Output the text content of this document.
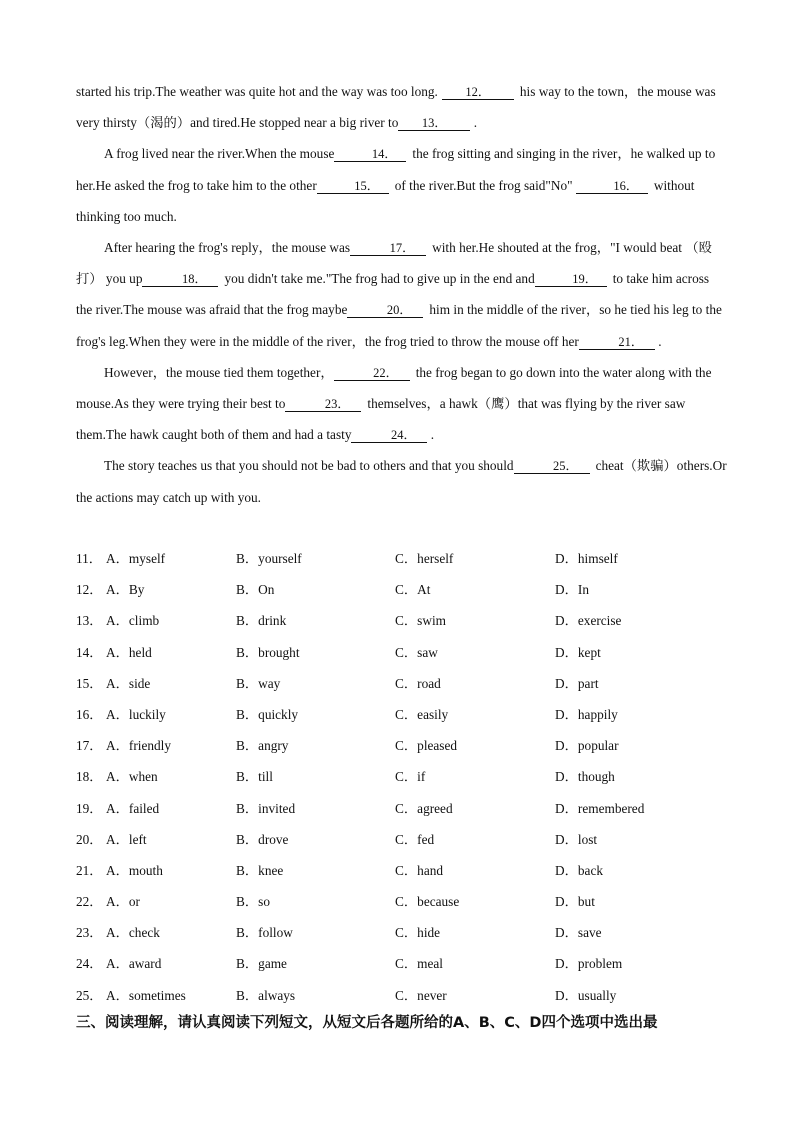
started his trip.The weather was quite hot and the way was too long. 12． his way to the town，the mouse was very thirsty（渴的）and tired.He stopped near a big river to 13． .

A frog lived near the river.When the mouse	14． the frog sitting and singing in the river，he walked up to her.He asked the frog to take him to the other	15． of the river.But the frog said"No"	16． without thinking too much.

After hearing the frog's reply，the mouse was	17． with her.He shouted at the frog，"I would beat （殴打） you up	18． you didn't take me."The frog had to give up in the end and	19． to take him across the river.The mouse was afraid that the frog maybe	20． him in the middle of the river，so he tied his leg to the frog's leg.When they were in the middle of the river，the frog tried to throw the mouse off her	21． .

However，the mouse tied them together，	22． the frog began to go down into the water along with the mouse.As they were trying their best to	23． themselves，a hawk（鹰）that was flying by the river saw them.The hawk caught both of them and had a tasty	24． .

The story teaches us that you should not be bad to others and that you should	25． cheat（欺骗）others.Or the actions may catch up with you.

11． A．myself	B．yourself	C．herself	D．himself
12． A．By	B．On	C．At	D．In
13． A．climb	B．drink	C．swim	D．exercise
14． A．held	B．brought	C．saw	D．kept
15． A．side	B．way	C．road	D．part
16． A．luckily	B．quickly	C．easily	D．happily
17． A．friendly	B．angry	C．pleased	D．popular
18． A．when	B．till	C．if	D．though
19． A．failed	B．invited	C．agreed	D．remembered
20． A．left	B．drove	C．fed	D．lost
21． A．mouth	B．knee	C．hand	D．back
22． A．or	B．so	C．because	D．but
23． A．check	B．follow	C．hide	D．save
24． A．award	B．game	C．meal	D．problem
25． A．sometimes	B．always	C．never	D．usually
三、阅读理解，请认真阅读下列短文，从短文后各题所给的A、B、C、D四个选项中选出最
